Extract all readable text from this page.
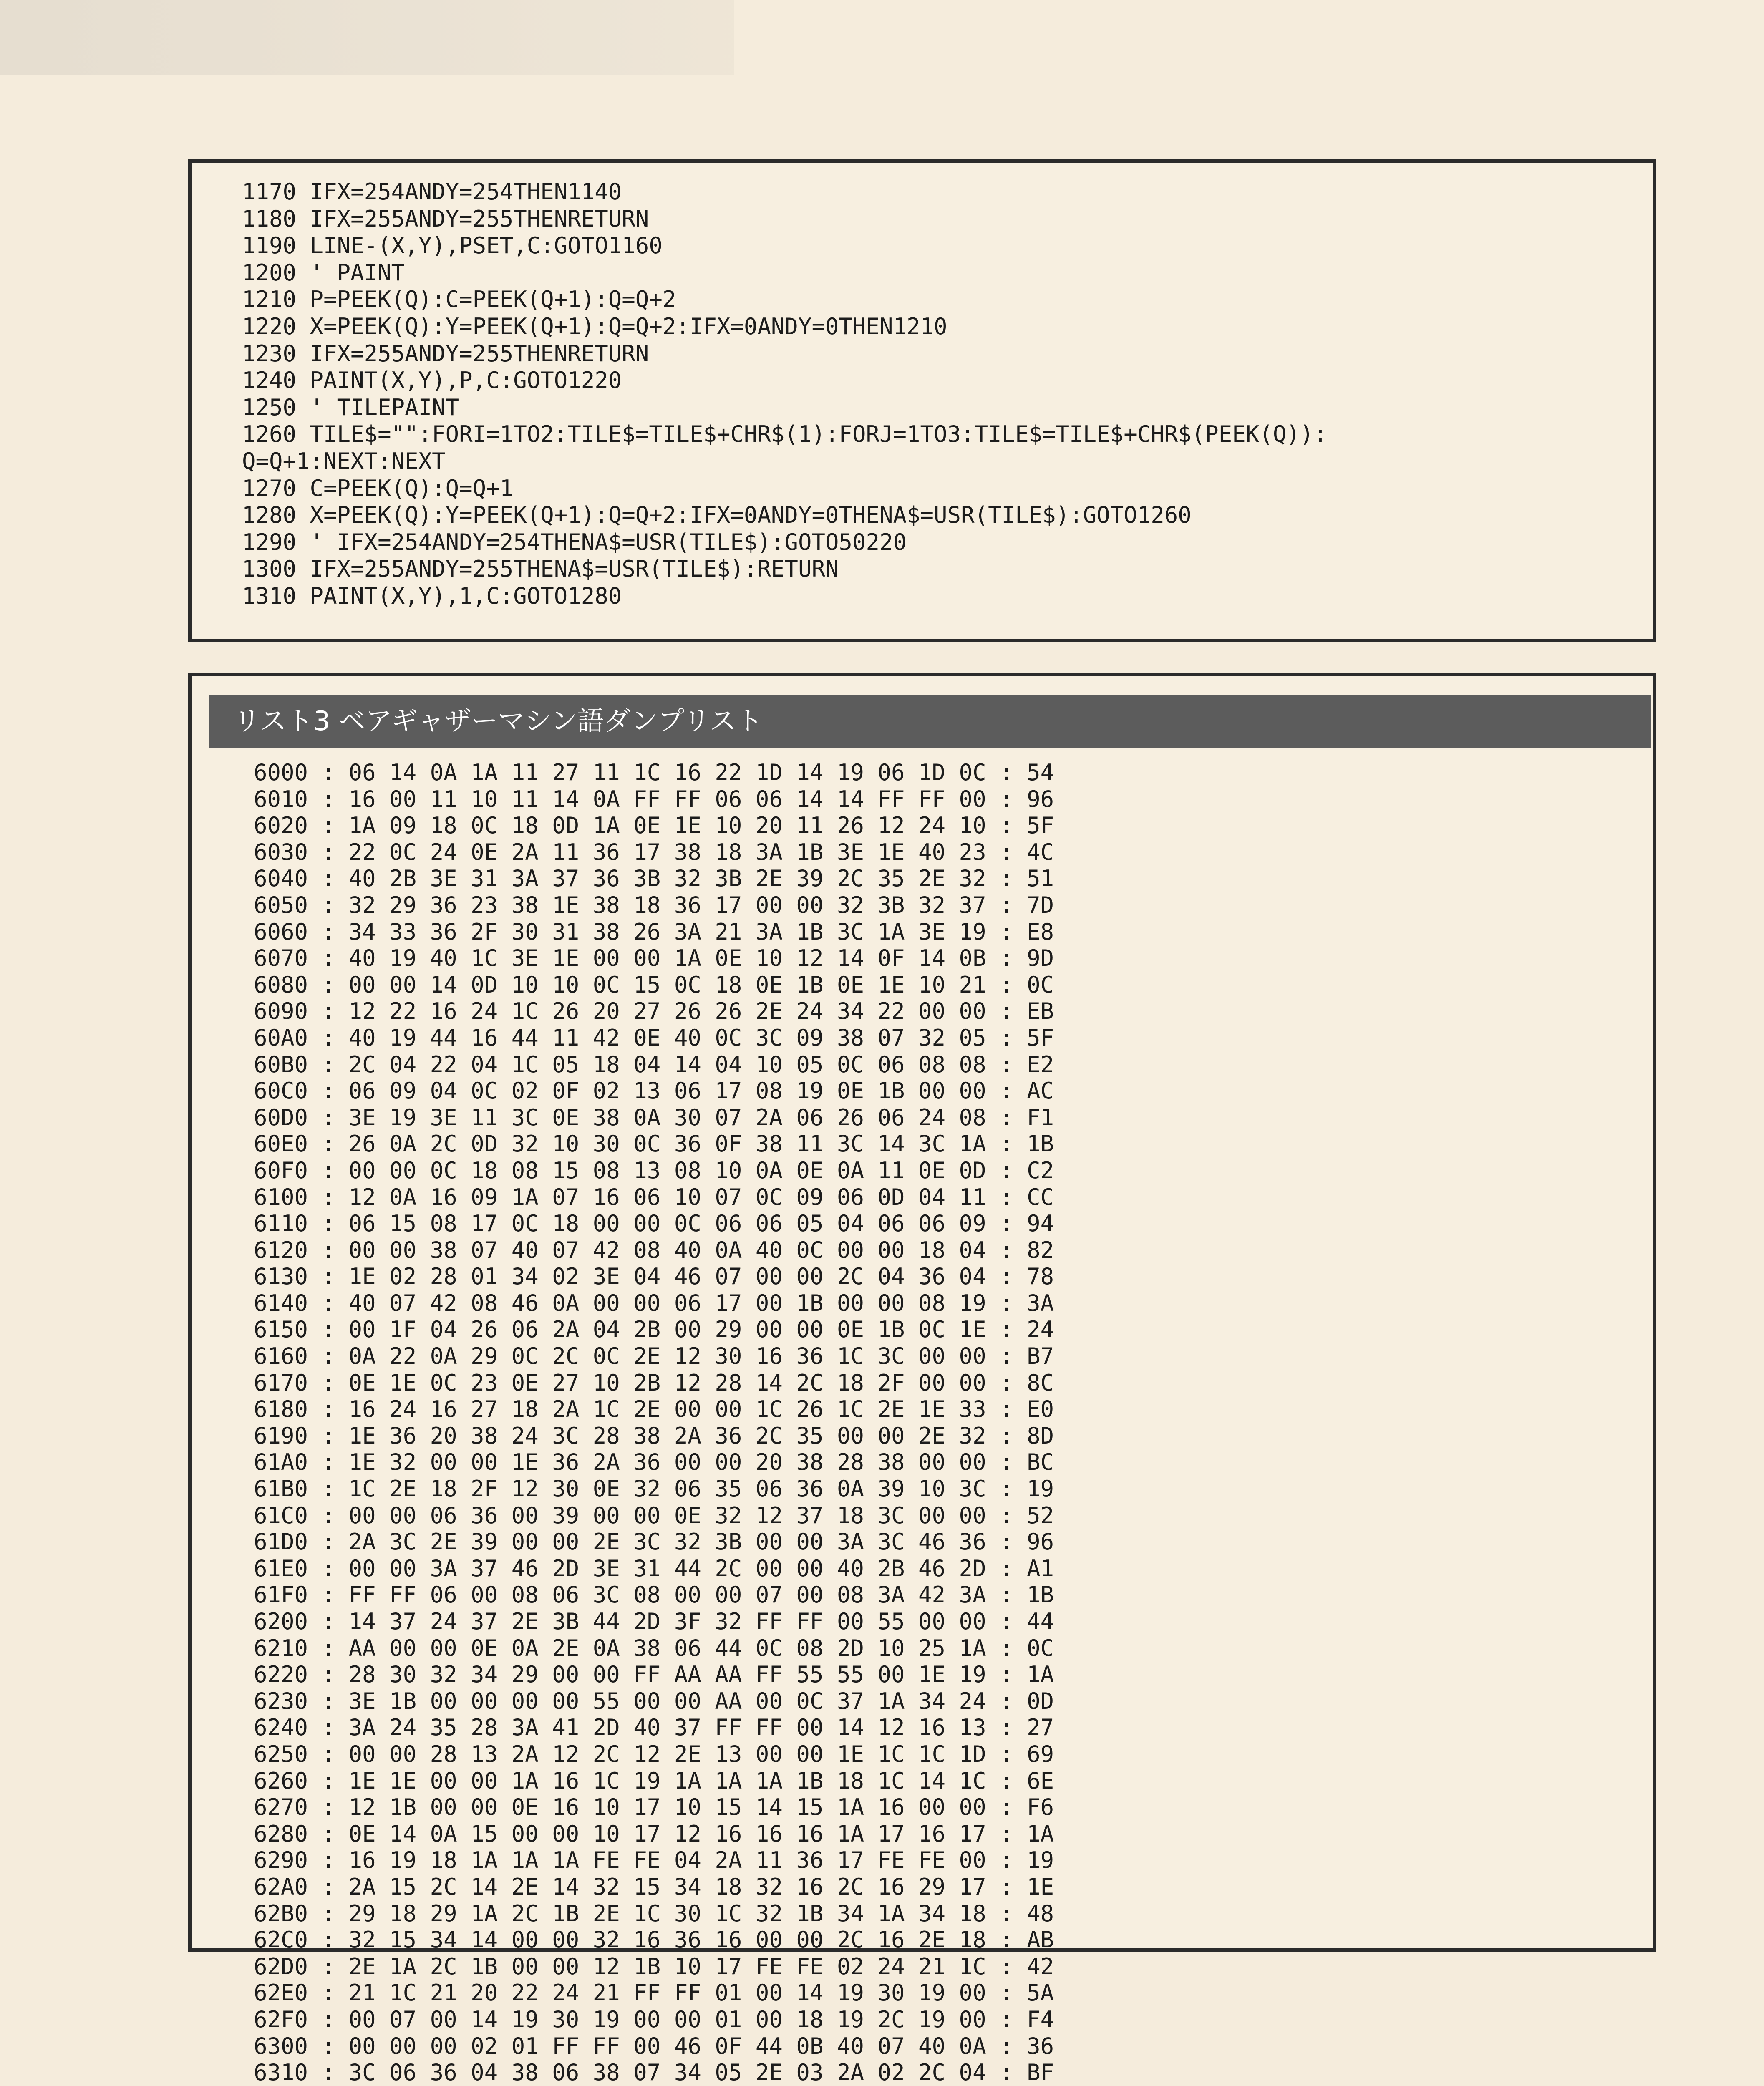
1170 IFX=254ANDY=254THEN1140
1180 IFX=255ANDY=255THENRETURN
1190 LINE-(X,Y),PSET,C:GOTO1160
1200 ' PAINT
1210 P=PEEK(Q):C=PEEK(Q+1):Q=Q+2
1220 X=PEEK(Q):Y=PEEK(Q+1):Q=Q+2:IFX=0ANDY=0THEN1210
1230 IFX=255ANDY=255THENRETURN
1240 PAINT(X,Y),P,C:GOTO1220
1250 ' TILEPAINT
1260 TILE$="":FORI=1TO2:TILE$=TILE$+CHR$(1):FORJ=1TO3:TILE$=TILE$+CHR$(PEEK(Q)):
Q=Q+1:NEXT:NEXT
1270 C=PEEK(Q):Q=Q+1
1280 X=PEEK(Q):Y=PEEK(Q+1):Q=Q+2:IFX=0ANDY=0THENA$=USR(TILE$):GOTO1260
1290 ' IFX=254ANDY=254THENA$=USR(TILE$):GOTO50220
1300 IFX=255ANDY=255THENA$=USR(TILE$):RETURN
1310 PAINT(X,Y),1,C:GOTO1280
リスト3 ベアギャザーマシン語ダンプリスト
6000 : 06 14 0A 1A 11 27 11 1C 16 22 1D 14 19 06 1D 0C : 54
6010 : 16 00 11 10 11 14 0A FF FF 06 06 14 14 FF FF 00 : 96
6020 : 1A 09 18 0C 18 0D 1A 0E 1E 10 20 11 26 12 24 10 : 5F
6030 : 22 0C 24 0E 2A 11 36 17 38 18 3A 1B 3E 1E 40 23 : 4C
6040 : 40 2B 3E 31 3A 37 36 3B 32 3B 2E 39 2C 35 2E 32 : 51
6050 : 32 29 36 23 38 1E 38 18 36 17 00 00 32 3B 32 37 : 7D
6060 : 34 33 36 2F 30 31 38 26 3A 21 3A 1B 3C 1A 3E 19 : E8
6070 : 40 19 40 1C 3E 1E 00 00 1A 0E 10 12 14 0F 14 0B : 9D
6080 : 00 00 14 0D 10 10 0C 15 0C 18 0E 1B 0E 1E 10 21 : 0C
6090 : 12 22 16 24 1C 26 20 27 26 26 2E 24 34 22 00 00 : EB
60A0 : 40 19 44 16 44 11 42 0E 40 0C 3C 09 38 07 32 05 : 5F
60B0 : 2C 04 22 04 1C 05 18 04 14 04 10 05 0C 06 08 08 : E2
60C0 : 06 09 04 0C 02 0F 02 13 06 17 08 19 0E 1B 00 00 : AC
60D0 : 3E 19 3E 11 3C 0E 38 0A 30 07 2A 06 26 06 24 08 : F1
60E0 : 26 0A 2C 0D 32 10 30 0C 36 0F 38 11 3C 14 3C 1A : 1B
60F0 : 00 00 0C 18 08 15 08 13 08 10 0A 0E 0A 11 0E 0D : C2
6100 : 12 0A 16 09 1A 07 16 06 10 07 0C 09 06 0D 04 11 : CC
6110 : 06 15 08 17 0C 18 00 00 0C 06 06 05 04 06 06 09 : 94
6120 : 00 00 38 07 40 07 42 08 40 0A 40 0C 00 00 18 04 : 82
6130 : 1E 02 28 01 34 02 3E 04 46 07 00 00 2C 04 36 04 : 78
6140 : 40 07 42 08 46 0A 00 00 06 17 00 1B 00 00 08 19 : 3A
6150 : 00 1F 04 26 06 2A 04 2B 00 29 00 00 0E 1B 0C 1E : 24
6160 : 0A 22 0A 29 0C 2C 0C 2E 12 30 16 36 1C 3C 00 00 : B7
6170 : 0E 1E 0C 23 0E 27 10 2B 12 28 14 2C 18 2F 00 00 : 8C
6180 : 16 24 16 27 18 2A 1C 2E 00 00 1C 26 1C 2E 1E 33 : E0
6190 : 1E 36 20 38 24 3C 28 38 2A 36 2C 35 00 00 2E 32 : 8D
61A0 : 1E 32 00 00 1E 36 2A 36 00 00 20 38 28 38 00 00 : BC
61B0 : 1C 2E 18 2F 12 30 0E 32 06 35 06 36 0A 39 10 3C : 19
61C0 : 00 00 06 36 00 39 00 00 0E 32 12 37 18 3C 00 00 : 52
61D0 : 2A 3C 2E 39 00 00 2E 3C 32 3B 00 00 3A 3C 46 36 : 96
61E0 : 00 00 3A 37 46 2D 3E 31 44 2C 00 00 40 2B 46 2D : A1
61F0 : FF FF 06 00 08 06 3C 08 00 00 07 00 08 3A 42 3A : 1B
6200 : 14 37 24 37 2E 3B 44 2D 3F 32 FF FF 00 55 00 00 : 44
6210 : AA 00 00 0E 0A 2E 0A 38 06 44 0C 08 2D 10 25 1A : 0C
6220 : 28 30 32 34 29 00 00 FF AA AA FF 55 55 00 1E 19 : 1A
6230 : 3E 1B 00 00 00 00 55 00 00 AA 00 0C 37 1A 34 24 : 0D
6240 : 3A 24 35 28 3A 41 2D 40 37 FF FF 00 14 12 16 13 : 27
6250 : 00 00 28 13 2A 12 2C 12 2E 13 00 00 1E 1C 1C 1D : 69
6260 : 1E 1E 00 00 1A 16 1C 19 1A 1A 1A 1B 18 1C 14 1C : 6E
6270 : 12 1B 00 00 0E 16 10 17 10 15 14 15 1A 16 00 00 : F6
6280 : 0E 14 0A 15 00 00 10 17 12 16 16 16 1A 17 16 17 : 1A
6290 : 16 19 18 1A 1A 1A FE FE 04 2A 11 36 17 FE FE 00 : 19
62A0 : 2A 15 2C 14 2E 14 32 15 34 18 32 16 2C 16 29 17 : 1E
62B0 : 29 18 29 1A 2C 1B 2E 1C 30 1C 32 1B 34 1A 34 18 : 48
62C0 : 32 15 34 14 00 00 32 16 36 16 00 00 2C 16 2E 18 : AB
62D0 : 2E 1A 2C 1B 00 00 12 1B 10 17 FE FE 02 24 21 1C : 42
62E0 : 21 1C 21 20 22 24 21 FF FF 01 00 14 19 30 19 00 : 5A
62F0 : 00 07 00 14 19 30 19 00 00 01 00 18 19 2C 19 00 : F4
6300 : 00 00 00 02 01 FF FF 00 46 0F 44 0B 40 07 40 0A : 36
6310 : 3C 06 36 04 38 06 38 07 34 05 2E 03 2A 02 2C 04 : BF
